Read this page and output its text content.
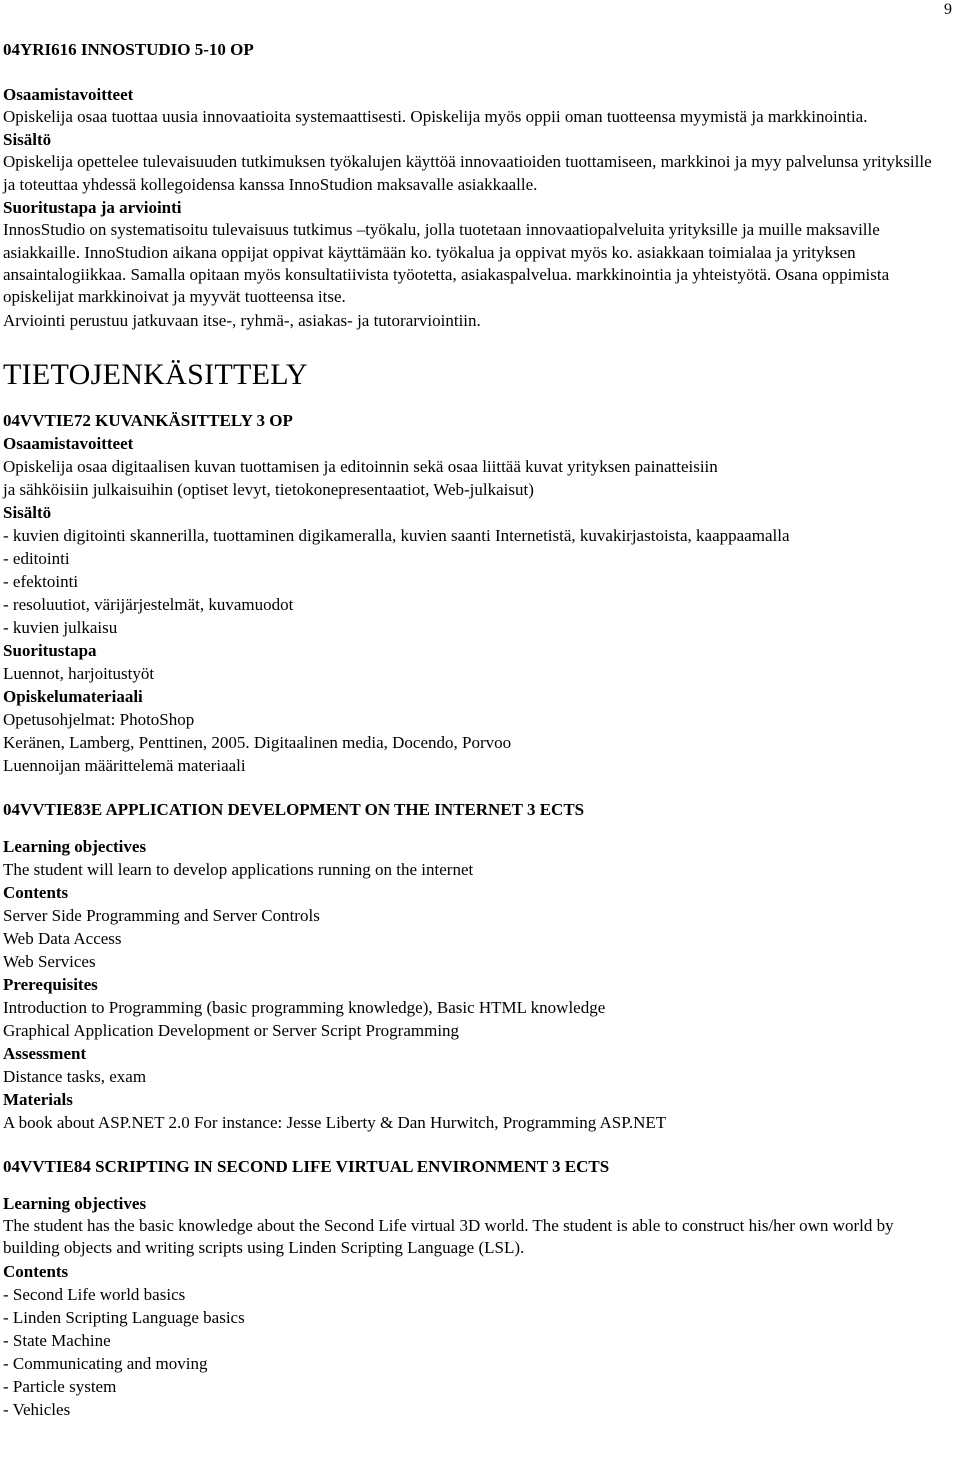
9
04YRI616 INNOSTUDIO 5-10 OP
Osaamistavoitteet
Opiskelija osaa tuottaa uusia innovaatioita systemaattisesti. Opiskelija myös oppii oman tuotteensa myymistä ja markkinointia.
Sisältö
Opiskelija opettelee tulevaisuuden tutkimuksen työkalujen käyttöä innovaatioiden tuottamiseen, markkinoi ja myy palvelunsa yrityksille ja toteuttaa yhdessä kollegoidensa kanssa InnoStudion maksavalle asiakkaalle.
Suoritustapa ja arviointi
InnosStudio on systematisoitu tulevaisuus tutkimus –työkalu, jolla tuotetaan innovaatiopalveluita yrityksille ja muille maksaville asiakkaille. InnoStudion aikana oppijat oppivat käyttämään ko. työkalua ja oppivat myös ko. asiakkaan toimialaa ja yrityksen ansaintalogiikkaa. Samalla opitaan myös konsultatiivista työotetta, asiakaspalvelua. markkinointia ja yhteistyötä. Osana oppimista opiskelijat markkinoivat ja myyvät tuotteensa itse.
Arviointi perustuu jatkuvaan itse-, ryhmä-, asiakas- ja tutorarviointiin.
TIETOJENKÄSITTELY
04VVTIE72 KUVANKÄSITTELY 3 OP
Osaamistavoitteet
Opiskelija osaa digitaalisen kuvan tuottamisen ja editoinnin sekä osaa liittää kuvat yrityksen painatteisiin
ja sähköisiin julkaisuihin (optiset levyt, tietokonepresentaatiot, Web-julkaisut)
Sisältö
- kuvien digitointi skannerilla, tuottaminen digikameralla, kuvien saanti Internetistä, kuvakirjastoista, kaappaamalla
- editointi
- efektointi
- resoluutiot, värijärjestelmät, kuvamuodot
- kuvien julkaisu
Suoritustapa
Luennot, harjoitustyöt
Opiskelumateriaali
Opetusohjelmat: PhotoShop
Keränen, Lamberg, Penttinen, 2005. Digitaalinen media, Docendo, Porvoo
Luennoijan määrittelemä materiaali
04VVTIE83E APPLICATION DEVELOPMENT ON THE INTERNET 3 ECTS
Learning objectives
The student will learn to develop applications running on the internet
Contents
Server Side Programming and Server Controls
Web Data Access
Web Services
Prerequisites
Introduction to Programming (basic programming knowledge), Basic HTML knowledge
Graphical Application Development or Server Script Programming
Assessment
Distance tasks, exam
Materials
A book about ASP.NET 2.0 For instance: Jesse Liberty & Dan Hurwitch, Programming ASP.NET
04VVTIE84 SCRIPTING IN SECOND LIFE VIRTUAL ENVIRONMENT 3 ECTS
Learning objectives
The student has the basic knowledge about the Second Life virtual 3D world. The student is able to construct his/her own world by building objects and writing scripts using Linden Scripting Language (LSL).
Contents
- Second Life world basics
- Linden Scripting Language basics
- State Machine
- Communicating and moving
- Particle system
- Vehicles
